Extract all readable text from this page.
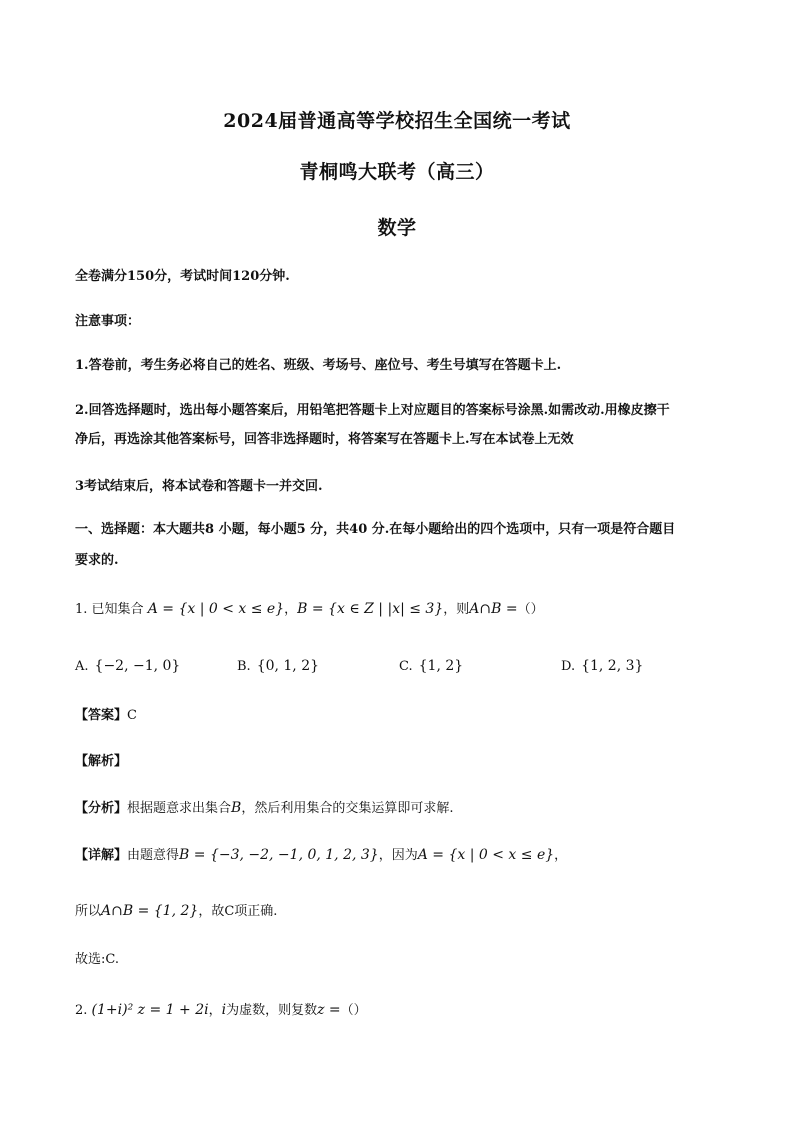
2024届普通高等学校招生全国统一考试
青桐鸣大联考（高三）
数学
全卷满分150分，考试时间120分钟.
注意事项：
1.答卷前，考生务必将自己的姓名、班级、考场号、座位号、考生号填写在答题卡上.
2.回答选择题时，选出每小题答案后，用铅笔把答题卡上对应题目的答案标号涂黑.如需改动.用橡皮擦干
净后，再选涂其他答案标号，回答非选择题时，将答案写在答题卡上.写在本试卷上无效
3考试结束后，将本试卷和答题卡一并交回.
一、选择题：本大题共8 小题，每小题5 分，共40 分.在每小题给出的四个选项中，只有一项是符合题目
要求的.
1. 已知集合 A = {x | 0 < x ≤ e}，B = {x ∈ Z | |x| ≤ 3}，则A∩B =（）
A. {−2, −1, 0}	B. {0, 1, 2}	C. {1, 2}	D. {1, 2, 3}
【答案】C
【解析】
【分析】根据题意求出集合B，然后利用集合的交集运算即可求解.
【详解】由题意得B = {−3, −2, −1, 0, 1, 2, 3}，因为A = {x | 0 < x ≤ e}，
所以A∩B = {1, 2}，故C项正确.
故选:C.
2. (1+i)² z = 1 + 2i，i为虚数，则复数z =（）
